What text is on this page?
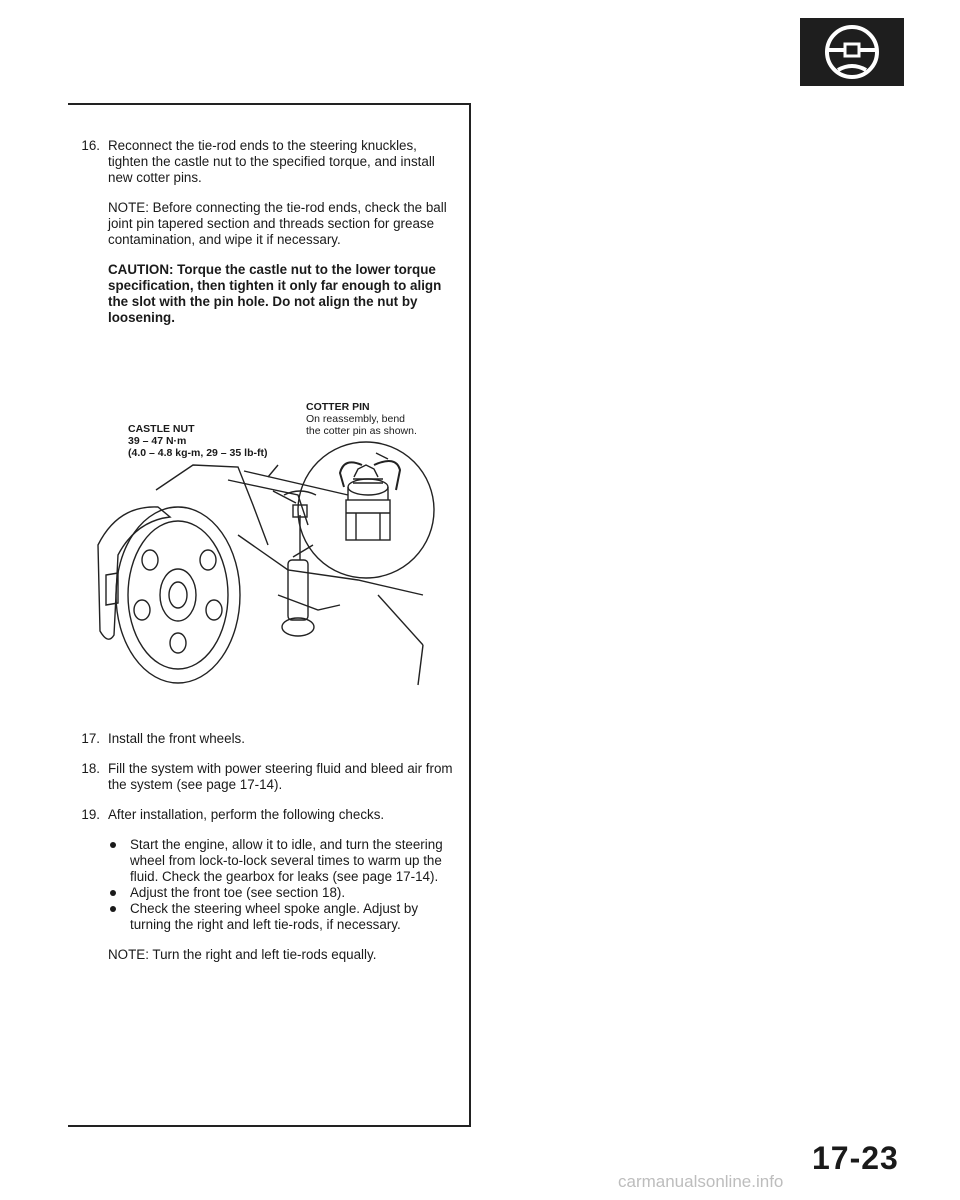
16. Reconnect the tie-rod ends to the steering knuckles, tighten the castle nut to the specified torque, and install new cotter pins.

NOTE: Before connecting the tie-rod ends, check the ball joint pin tapered section and threads section for grease contamination, and wipe it if necessary.

CAUTION: Torque the castle nut to the lower torque specification, then tighten it only far enough to align the slot with the pin hole. Do not align the nut by loosening.

CASTLE NUT
39 – 47 N·m
(4.0 – 4.8 kg-m, 29 – 35 lb-ft)
COTTER PIN
On reassembly, bend
the cotter pin as shown.
17. Install the front wheels.
18. Fill the system with power steering fluid and bleed air from the system (see page 17-14).
19. After installation, perform the following checks.
Start the engine, allow it to idle, and turn the steering wheel from lock-to-lock several times to warm up the fluid. Check the gearbox for leaks (see page 17-14).
Adjust the front toe (see section 18).
Check the steering wheel spoke angle. Adjust by turning the right and left tie-rods, if necessary.

NOTE: Turn the right and left tie-rods equally.

17-23
carmanualsonline.info
